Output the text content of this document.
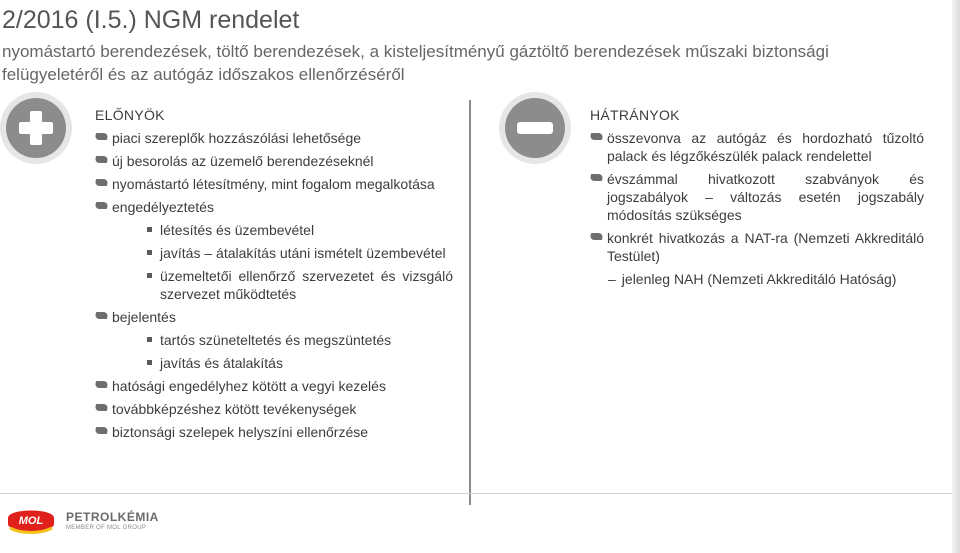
2/2016 (I.5.) NGM rendelet
nyomástartó berendezések, töltő berendezések, a kisteljesítményű gáztöltő berendezések műszaki biztonsági felügyeletéről és az autógáz időszakos ellenőrzéséről
ELŐNYÖK
piaci szereplők hozzászólási lehetősége
új besorolás az üzemelő berendezéseknél
nyomástartó létesítmény, mint fogalom megalkotása
engedélyeztetés
létesítés és üzembevétel
javítás – átalakítás utáni ismételt üzembevétel
üzemeltetői ellenőrző szervezetet és vizsgáló szervezet működtetés
bejelentés
tartós szüneteltetés és megszüntetés
javítás és átalakítás
hatósági engedélyhez kötött a vegyi kezelés
továbbképzéshez kötött tevékenységek
biztonsági szelepek helyszíni ellenőrzése
HÁTRÁNYOK
összevonva az autógáz és hordozható tűzoltó palack és légzőkészülék palack rendelettel
évszámmal hivatkozott szabványok és jogszabályok – változás esetén jogszabály módosítás szükséges
konkrét hivatkozás a NAT-ra (Nemzeti Akkreditáló Testület)
– jelenleg NAH (Nemzeti Akkreditáló Hatóság)
MOL PETROLKÉMIA
MEMBER OF MOL GROUP
